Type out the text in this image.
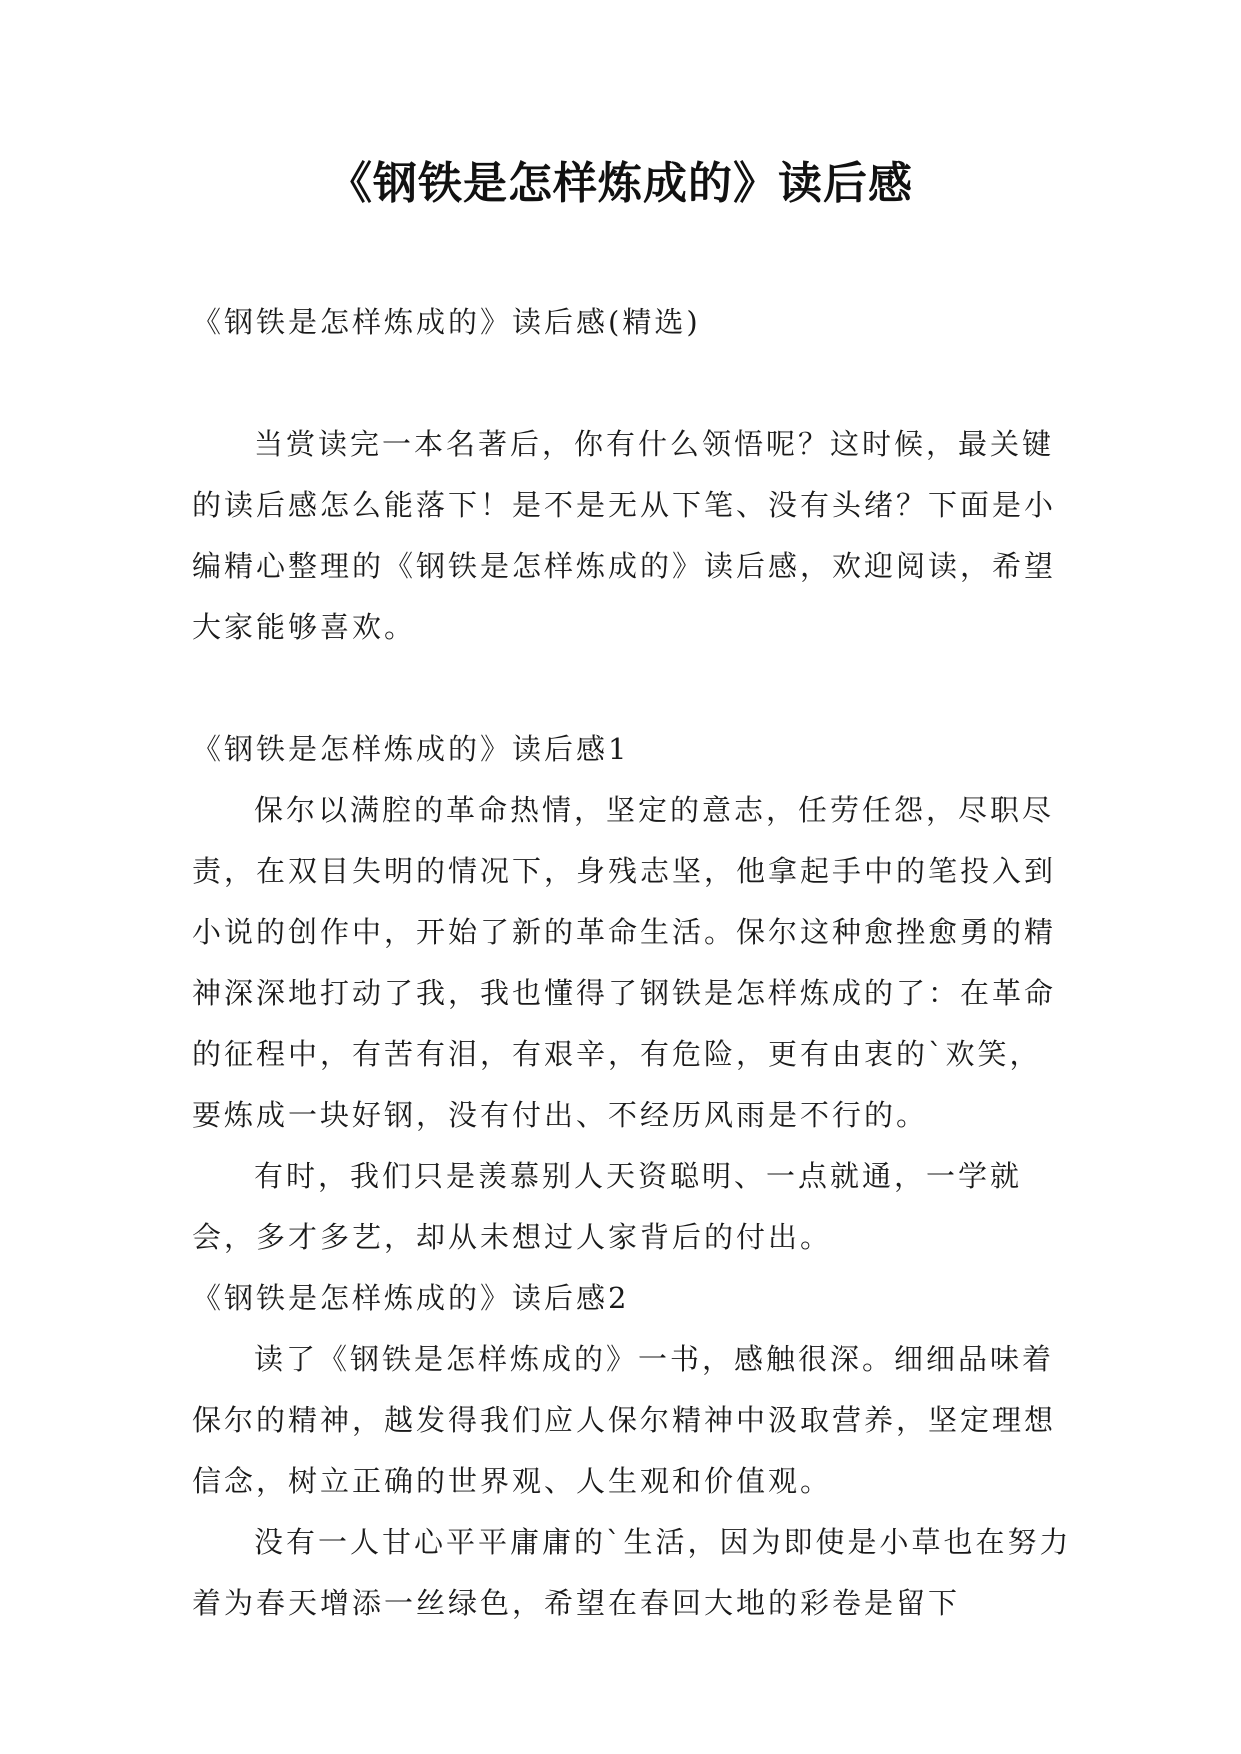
《钢铁是怎样炼成的》读后感

《钢铁是怎样炼成的》读后感(精选)

当赏读完一本名著后，你有什么领悟呢？这时候，最关键的读后感怎么能落下！是不是无从下笔、没有头绪？下面是小编精心整理的《钢铁是怎样炼成的》读后感，欢迎阅读，希望大家能够喜欢。

《钢铁是怎样炼成的》读后感1

保尔以满腔的革命热情，坚定的意志，任劳任怨，尽职尽责，在双目失明的情况下，身残志坚，他拿起手中的笔投入到小说的创作中，开始了新的革命生活。保尔这种愈挫愈勇的精神深深地打动了我，我也懂得了钢铁是怎样炼成的了：在革命的征程中，有苦有泪，有艰辛，有危险，更有由衷的`欢笑，要炼成一块好钢，没有付出、不经历风雨是不行的。

有时，我们只是羡慕别人天资聪明、一点就通，一学就会，多才多艺，却从未想过人家背后的付出。

《钢铁是怎样炼成的》读后感2

读了《钢铁是怎样炼成的》一书，感触很深。细细品味着保尔的精神，越发得我们应人保尔精神中汲取营养，坚定理想信念，树立正确的世界观、人生观和价值观。

没有一人甘心平平庸庸的`生活，因为即使是小草也在努力着为春天增添一丝绿色，希望在春回大地的彩卷是留下
